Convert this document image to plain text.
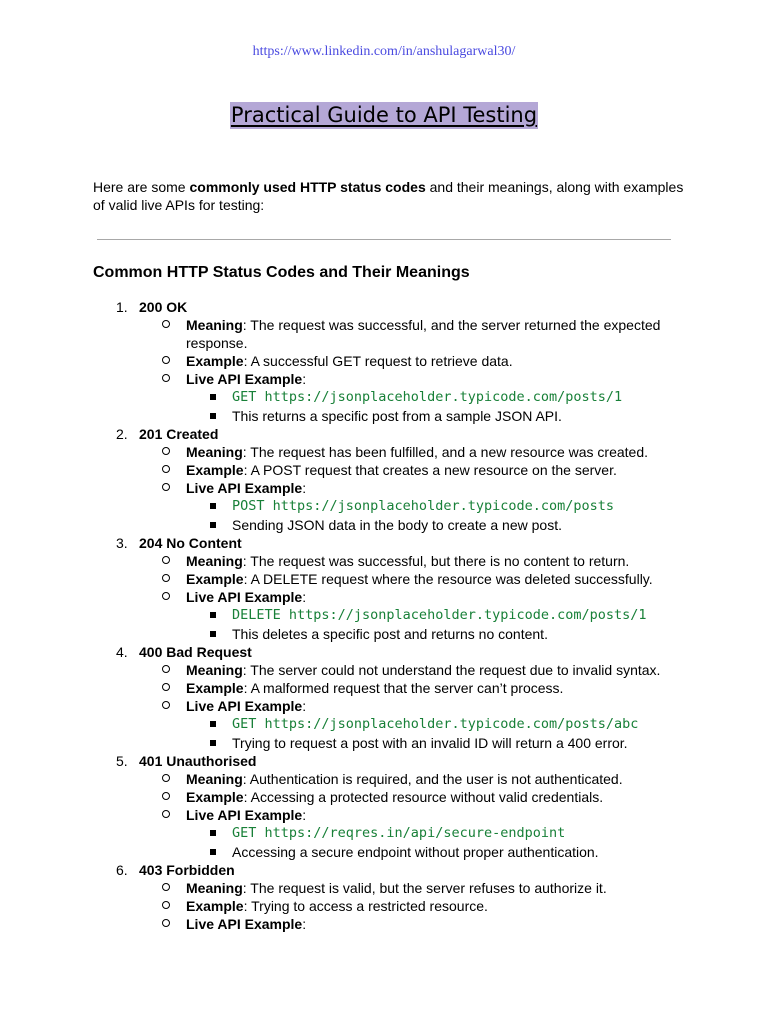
https://www.linkedin.com/in/anshulagarwal30/
Practical Guide to API Testing
Here are some commonly used HTTP status codes and their meanings, along with examples of valid live APIs for testing:
Common HTTP Status Codes and Their Meanings
1. 200 OK
Meaning: The request was successful, and the server returned the expected response.
Example: A successful GET request to retrieve data.
Live API Example:
GET https://jsonplaceholder.typicode.com/posts/1
This returns a specific post from a sample JSON API.
2. 201 Created
Meaning: The request has been fulfilled, and a new resource was created.
Example: A POST request that creates a new resource on the server.
Live API Example:
POST https://jsonplaceholder.typicode.com/posts
Sending JSON data in the body to create a new post.
3. 204 No Content
Meaning: The request was successful, but there is no content to return.
Example: A DELETE request where the resource was deleted successfully.
Live API Example:
DELETE https://jsonplaceholder.typicode.com/posts/1
This deletes a specific post and returns no content.
4. 400 Bad Request
Meaning: The server could not understand the request due to invalid syntax.
Example: A malformed request that the server can’t process.
Live API Example:
GET https://jsonplaceholder.typicode.com/posts/abc
Trying to request a post with an invalid ID will return a 400 error.
5. 401 Unauthorised
Meaning: Authentication is required, and the user is not authenticated.
Example: Accessing a protected resource without valid credentials.
Live API Example:
GET https://reqres.in/api/secure-endpoint
Accessing a secure endpoint without proper authentication.
6. 403 Forbidden
Meaning: The request is valid, but the server refuses to authorize it.
Example: Trying to access a restricted resource.
Live API Example:
